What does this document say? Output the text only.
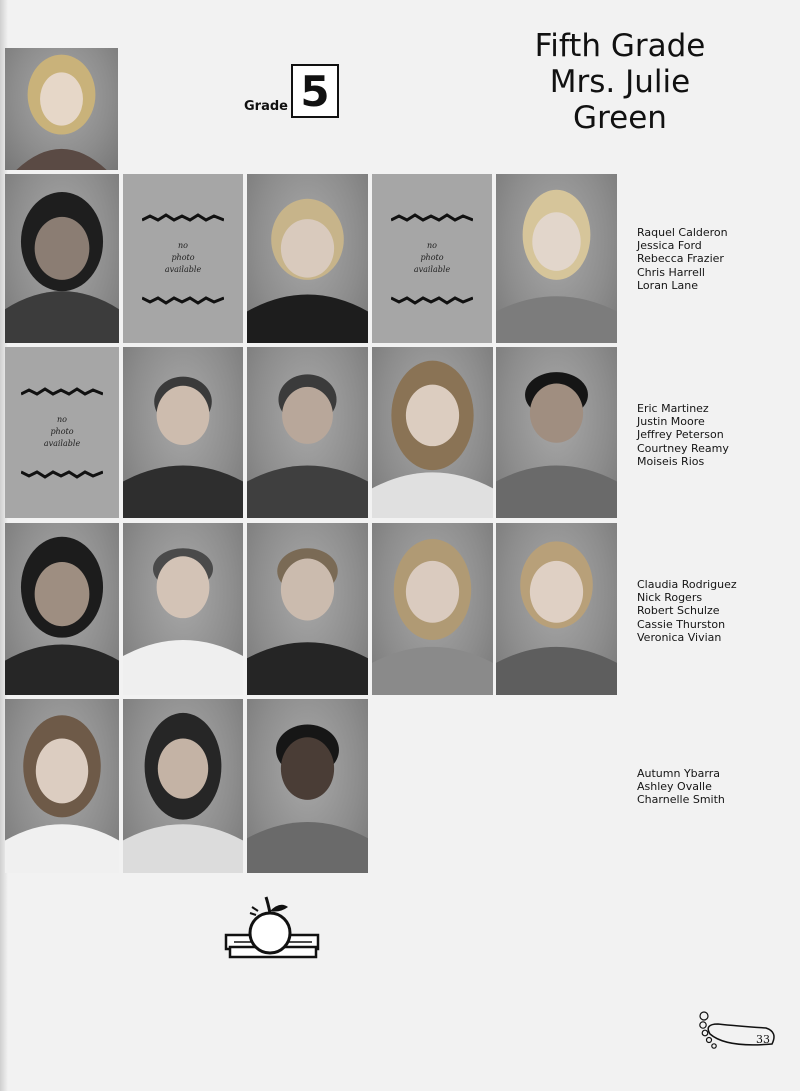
Fifth Grade
Mrs. Julie
Green
Grade 5
no
photo
available
no
photo
available
Raquel Calderon
Jessica Ford
Rebecca Frazier
Chris Harrell
Loran Lane
no
photo
available
Eric Martinez
Justin Moore
Jeffrey Peterson
Courtney Reamy
Moiseis Rios
Claudia Rodriguez
Nick Rogers
Robert Schulze
Cassie Thurston
Veronica Vivian
Autumn Ybarra
Ashley Ovalle
Charnelle Smith
33
